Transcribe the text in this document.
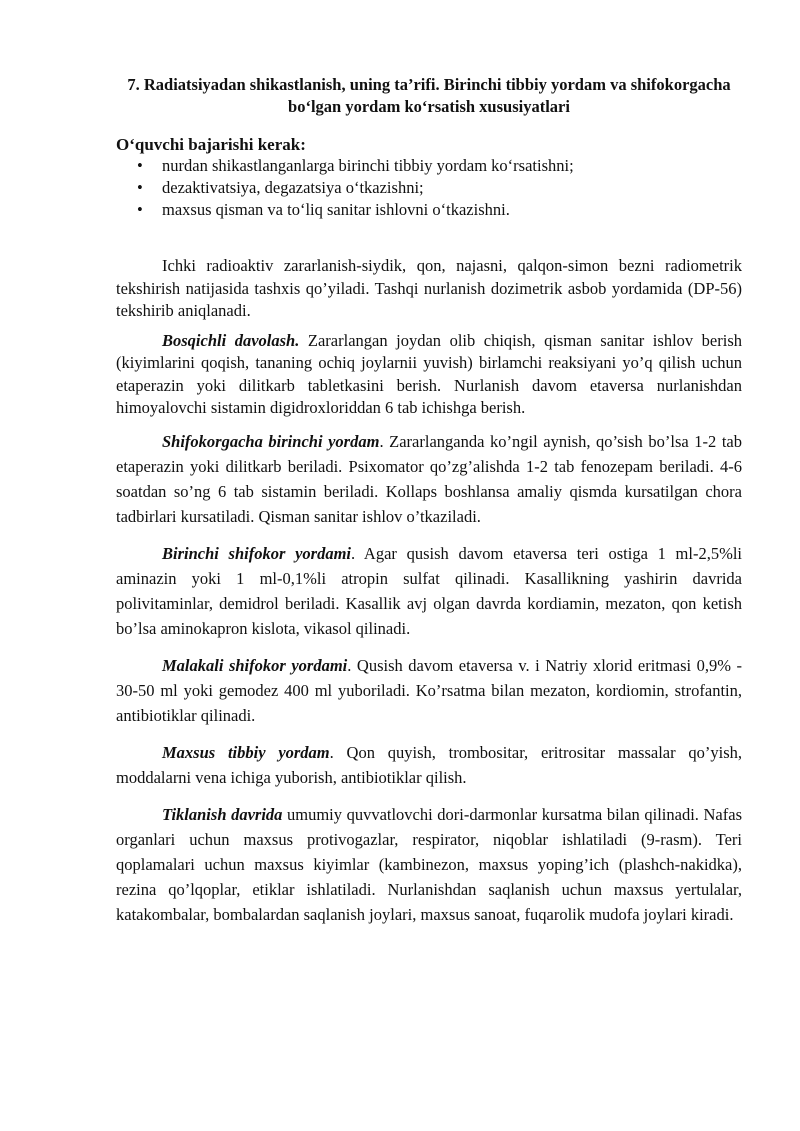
7. Radiatsiyadan shikastlanish, uning ta’rifi. Birinchi tibbiy yordam va shifokorgacha bo‘lgan yordam ko‘rsatish xususiyatlari
O‘quvchi bajarishi kerak:
• nurdan shikastlanganlarga birinchi tibbiy yordam ko‘rsatishni;
• dezaktivatsiya, degazatsiya o‘tkazishni;
• maxsus qisman va to‘liq sanitar ishlovni o‘tkazishni.

Ichki radioaktiv zararlanish-siydik, qon, najasni, qalqon-simon bezni radiometrik tekshirish natijasida tashxis qo’yiladi. Tashqi nurlanish dozimetrik asbob yordamida (DP-56) tekshirib aniqlanadi.

Bosqichli davolash. Zararlangan joydan olib chiqish, qisman sanitar ishlov berish (kiyimlarini qoqish, tananing ochiq joylarnii yuvish) birlamchi reaksiyani yo’q qilish uchun etaperazin yoki dilitkarb tabletkasini berish. Nurlanish davom etaversa nurlanishdan himoyalovchi sistamin digidroxloriddan 6 tab ichishga berish.

Shifokorgacha birinchi yordam. Zararlanganda ko’ngil aynish, qo’sish bo’lsa 1-2 tab etaperazin yoki dilitkarb beriladi. Psixomator qo’zg’alishda 1-2 tab fenozepam beriladi. 4-6 soatdan so’ng 6 tab sistamin beriladi. Kollaps boshlansa amaliy qismda kursatilgan chora tadbirlari kursatiladi. Qisman sanitar ishlov o’tkaziladi.

Birinchi shifokor yordami. Agar qusish davom etaversa teri ostiga 1 ml-2,5%li aminazin yoki 1 ml-0,1%li atropin sulfat qilinadi. Kasallikning yashirin davrida polivitaminlar, demidrol beriladi. Kasallik avj olgan davrda kordiamin, mezaton, qon ketish bo’lsa aminokapron kislota, vikasol qilinadi.

Malakali shifokor yordami. Qusish davom etaversa v. i Natriy xlorid eritmasi 0,9% - 30-50 ml yoki gemodez 400 ml yuboriladi. Ko’rsatma bilan mezaton, kordiomin, strofantin, antibiotiklar qilinadi.

Maxsus tibbiy yordam. Qon quyish, trombositar, eritrositar massalar qo’yish, moddalarni vena ichiga yuborish, antibiotiklar qilish.

Tiklanish davrida umumiy quvvatlovchi dori-darmonlar kursatma bilan qilinadi. Nafas organlari uchun maxsus protivogazlar, respirator, niqoblar ishlatiladi (9-rasm). Teri qoplamalari uchun maxsus kiyimlar (kambinezon, maxsus yoping’ich (plashch-nakidka), rezina qo’lqoplar, etiklar ishlatiladi. Nurlanishdan saqlanish uchun maxsus yertulalar, katakombalar, bombalardan saqlanish joylari, maxsus sanoat, fuqarolik mudofa joylari kiradi.
